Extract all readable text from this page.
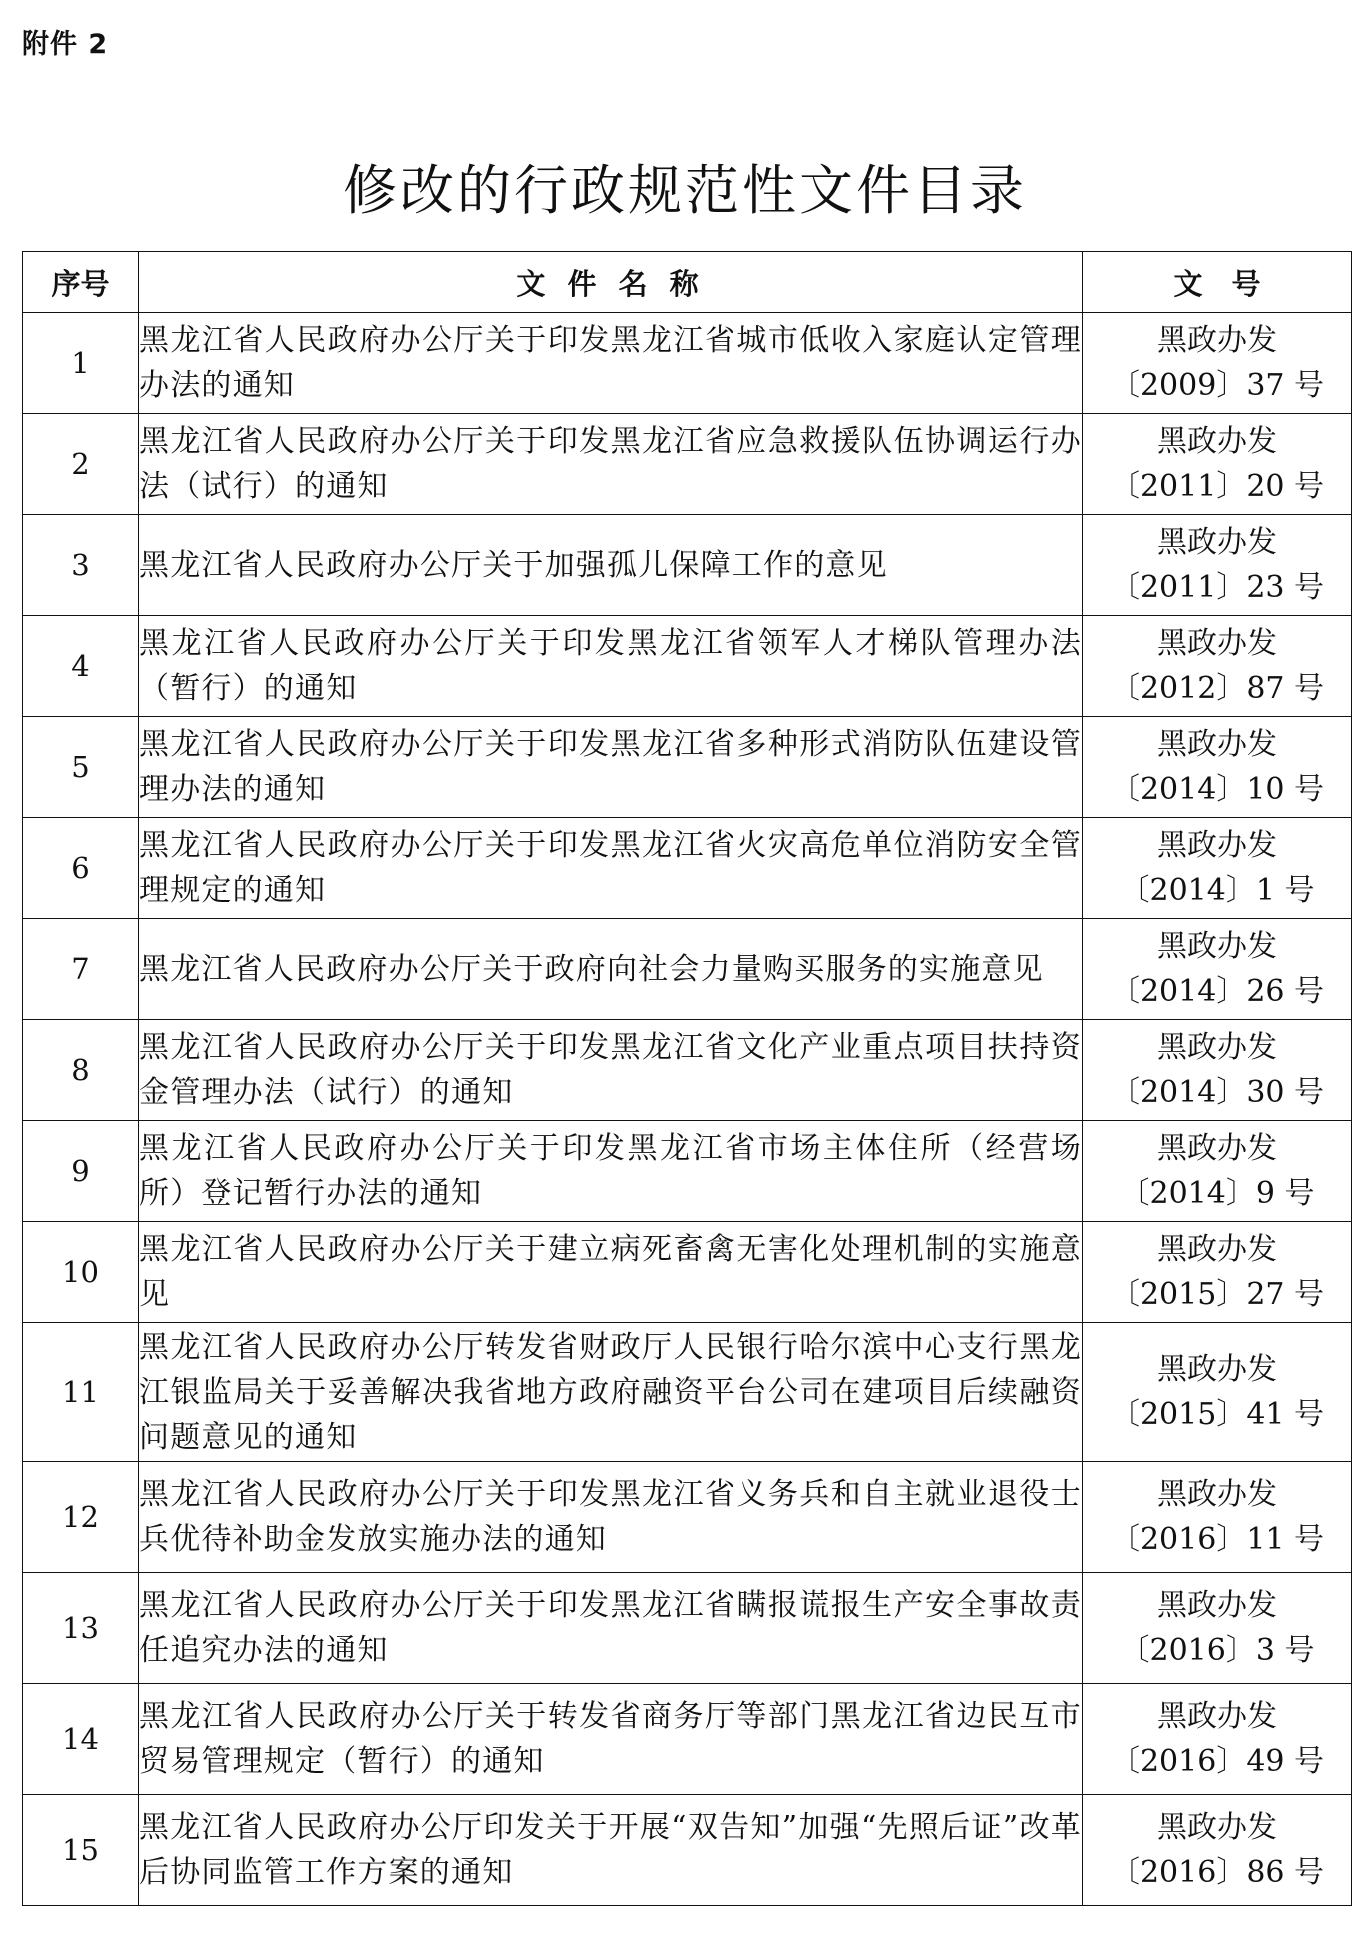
附件 2
修改的行政规范性文件目录
序号	文 件 名 称	文　号
1	黑龙江省人民政府办公厅关于印发黑龙江省城市低收入家庭认定管理办法的通知	黑政办发
〔2009〕37 号

2	黑龙江省人民政府办公厅关于印发黑龙江省应急救援队伍协调运行办法（试行）的通知	黑政办发
〔2011〕20 号

3	黑龙江省人民政府办公厅关于加强孤儿保障工作的意见	黑政办发
〔2011〕23 号

4	黑龙江省人民政府办公厅关于印发黑龙江省领军人才梯队管理办法（暂行）的通知	黑政办发
〔2012〕87 号

5	黑龙江省人民政府办公厅关于印发黑龙江省多种形式消防队伍建设管理办法的通知	黑政办发
〔2014〕10 号

6	黑龙江省人民政府办公厅关于印发黑龙江省火灾高危单位消防安全管理规定的通知	黑政办发
〔2014〕1 号

7	黑龙江省人民政府办公厅关于政府向社会力量购买服务的实施意见	黑政办发
〔2014〕26 号

8	黑龙江省人民政府办公厅关于印发黑龙江省文化产业重点项目扶持资金管理办法（试行）的通知	黑政办发
〔2014〕30 号

9	黑龙江省人民政府办公厅关于印发黑龙江省市场主体住所（经营场所）登记暂行办法的通知	黑政办发
〔2014〕9 号

10	黑龙江省人民政府办公厅关于建立病死畜禽无害化处理机制的实施意见	黑政办发
〔2015〕27 号

11	黑龙江省人民政府办公厅转发省财政厅人民银行哈尔滨中心支行黑龙江银监局关于妥善解决我省地方政府融资平台公司在建项目后续融资问题意见的通知	黑政办发
〔2015〕41 号

12	黑龙江省人民政府办公厅关于印发黑龙江省义务兵和自主就业退役士兵优待补助金发放实施办法的通知	黑政办发
〔2016〕11 号

13	黑龙江省人民政府办公厅关于印发黑龙江省瞒报谎报生产安全事故责任追究办法的通知	黑政办发
〔2016〕3 号

14	黑龙江省人民政府办公厅关于转发省商务厅等部门黑龙江省边民互市贸易管理规定（暂行）的通知	黑政办发
〔2016〕49 号

15	黑龙江省人民政府办公厅印发关于开展“双告知”加强“先照后证”改革后协同监管工作方案的通知	黑政办发
〔2016〕86 号
